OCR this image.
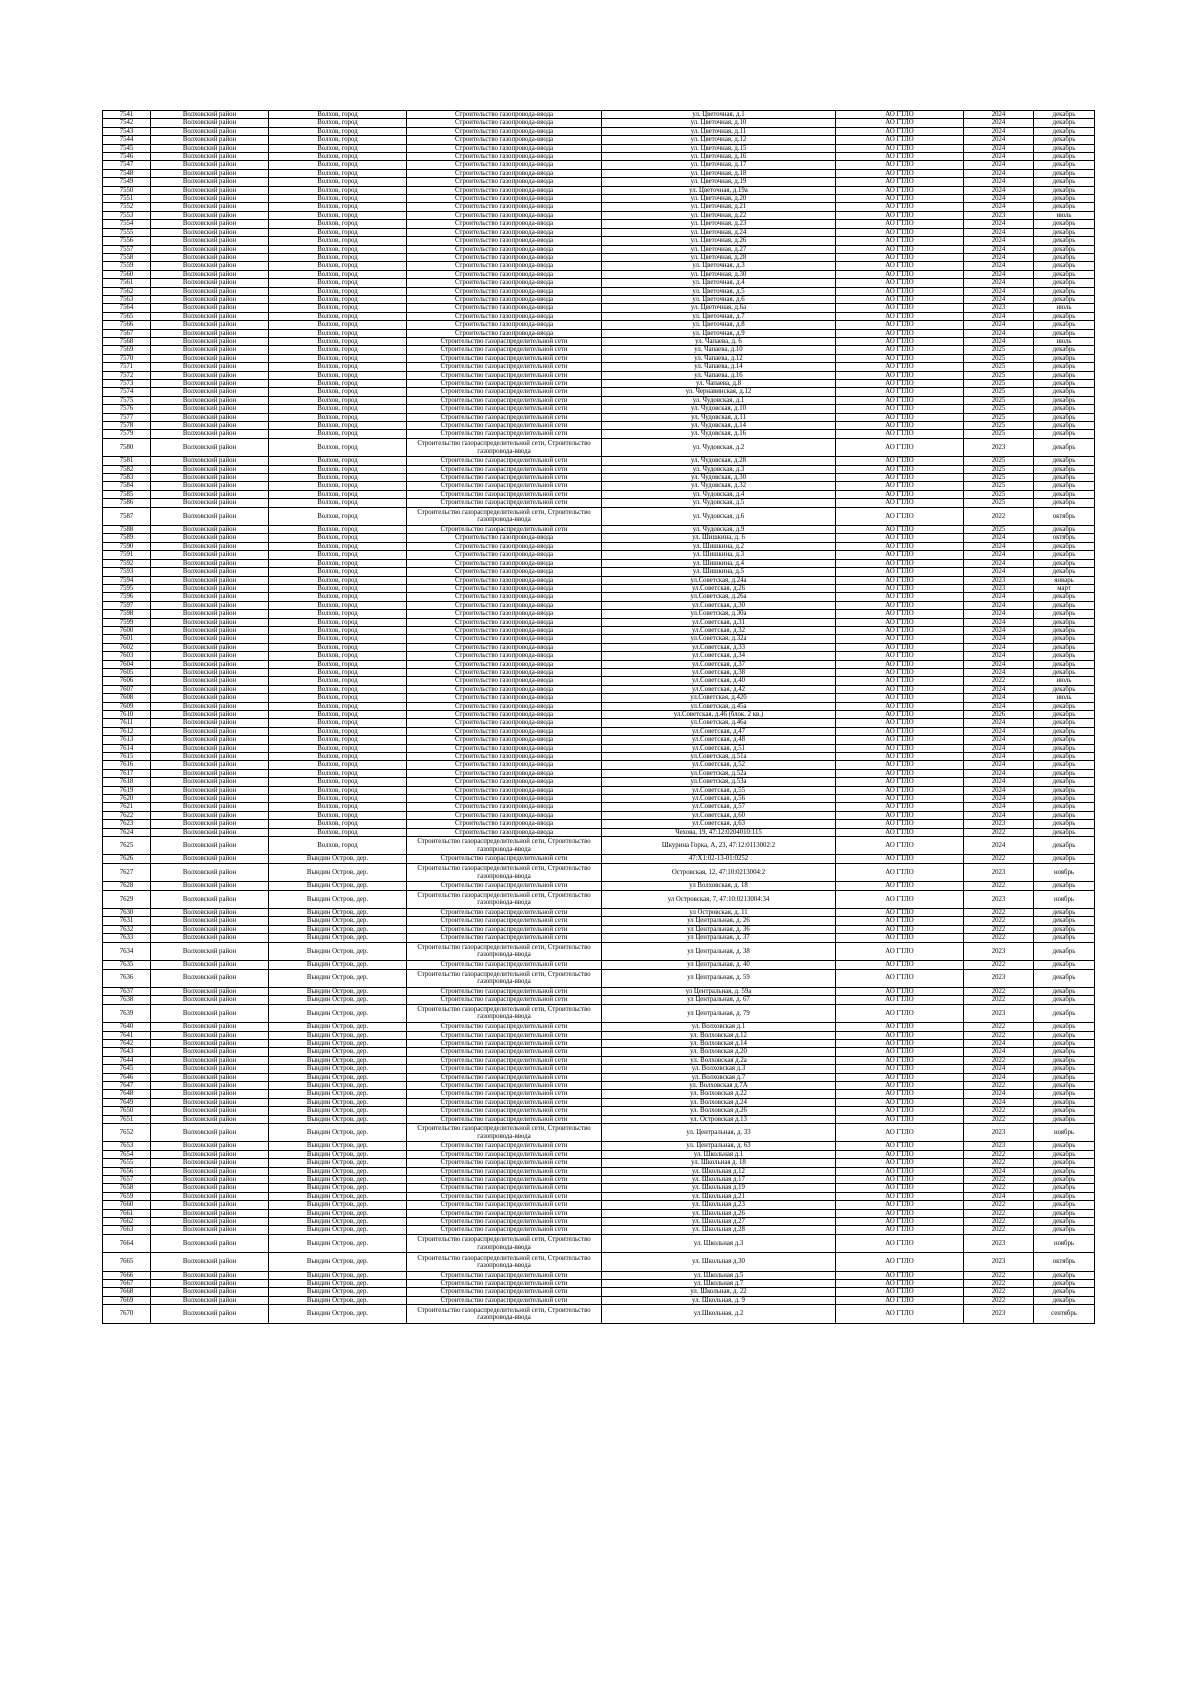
7541	Волховский район	Волхов, город	Строительство газопровода-ввода	ул. Цветочная, д.1	АО ГТЛО	2024	декабрь
7542	Волховский район	Волхов, город	Строительство газопровода-ввода	ул. Цветочная, д.10	АО ГТЛО	2024	декабрь
7543	Волховский район	Волхов, город	Строительство газопровода-ввода	ул. Цветочная, д.11	АО ГТЛО	2024	декабрь
7544	Волховский район	Волхов, город	Строительство газопровода-ввода	ул. Цветочная, д.12	АО ГТЛО	2024	декабрь
7545	Волховский район	Волхов, город	Строительство газопровода-ввода	ул. Цветочная, д.15	АО ГТЛО	2024	декабрь
7546	Волховский район	Волхов, город	Строительство газопровода-ввода	ул. Цветочная, д.16	АО ГТЛО	2024	декабрь
7547	Волховский район	Волхов, город	Строительство газопровода-ввода	ул. Цветочная, д.17	АО ГТЛО	2024	декабрь
7548	Волховский район	Волхов, город	Строительство газопровода-ввода	ул. Цветочная, д.18	АО ГТЛО	2024	декабрь
7549	Волховский район	Волхов, город	Строительство газопровода-ввода	ул. Цветочная, д.19	АО ГТЛО	2024	декабрь
7550	Волховский район	Волхов, город	Строительство газопровода-ввода	ул. Цветочная, д.19а	АО ГТЛО	2024	декабрь
7551	Волховский район	Волхов, город	Строительство газопровода-ввода	ул. Цветочная, д.20	АО ГТЛО	2024	декабрь
7552	Волховский район	Волхов, город	Строительство газопровода-ввода	ул. Цветочная, д.21	АО ГТЛО	2024	декабрь
7553	Волховский район	Волхов, город	Строительство газопровода-ввода	ул. Цветочная, д.22	АО ГТЛО	2023	июль
7554	Волховский район	Волхов, город	Строительство газопровода-ввода	ул. Цветочная, д.23	АО ГТЛО	2024	декабрь
7555	Волховский район	Волхов, город	Строительство газопровода-ввода	ул. Цветочная, д.24	АО ГТЛО	2024	декабрь
7556	Волховский район	Волхов, город	Строительство газопровода-ввода	ул. Цветочная, д.26	АО ГТЛО	2024	декабрь
7557	Волховский район	Волхов, город	Строительство газопровода-ввода	ул. Цветочная, д.27	АО ГТЛО	2024	декабрь
7558	Волховский район	Волхов, город	Строительство газопровода-ввода	ул. Цветочная, д.28	АО ГТЛО	2024	декабрь
7559	Волховский район	Волхов, город	Строительство газопровода-ввода	ул. Цветочная, д.3	АО ГТЛО	2024	декабрь
7560	Волховский район	Волхов, город	Строительство газопровода-ввода	ул. Цветочная, д.30	АО ГТЛО	2024	декабрь
7561	Волховский район	Волхов, город	Строительство газопровода-ввода	ул. Цветочная, д.4	АО ГТЛО	2024	декабрь
7562	Волховский район	Волхов, город	Строительство газопровода-ввода	ул. Цветочная, д.5	АО ГТЛО	2024	декабрь
7563	Волховский район	Волхов, город	Строительство газопровода-ввода	ул. Цветочная, д.6	АО ГТЛО	2024	декабрь
7564	Волховский район	Волхов, город	Строительство газопровода-ввода	ул. Цветочная, д.6а	АО ГТЛО	2023	июль
7565	Волховский район	Волхов, город	Строительство газопровода-ввода	ул. Цветочная, д.7	АО ГТЛО	2024	декабрь
7566	Волховский район	Волхов, город	Строительство газопровода-ввода	ул. Цветочная, д.8	АО ГТЛО	2024	декабрь
7567	Волховский район	Волхов, город	Строительство газопровода-ввода	ул. Цветочная, д.9	АО ГТЛО	2024	декабрь
7568	Волховский район	Волхов, город	Строительство газораспределительной сети	ул. Чапаева, д. 6	АО ГТЛО	2024	июль
7569	Волховский район	Волхов, город	Строительство газораспределительной сети	ул. Чапаева, д.10	АО ГТЛО	2025	декабрь
7570	Волховский район	Волхов, город	Строительство газораспределительной сети	ул. Чапаева, д.12	АО ГТЛО	2025	декабрь
7571	Волховский район	Волхов, город	Строительство газораспределительной сети	ул. Чапаева, д.14	АО ГТЛО	2025	декабрь
7572	Волховский район	Волхов, город	Строительство газораспределительной сети	ул. Чапаева, д.16	АО ГТЛО	2025	декабрь
7573	Волховский район	Волхов, город	Строительство газораспределительной сети	ул. Чапаева, д.8	АО ГТЛО	2025	декабрь
7574	Волховский район	Волхов, город	Строительство газораспределительной сети	ул. Чернавинская, д.12	АО ГТЛО	2025	декабрь
7575	Волховский район	Волхов, город	Строительство газораспределительной сети	ул. Чудовская, д.1	АО ГТЛО	2025	декабрь
7576	Волховский район	Волхов, город	Строительство газораспределительной сети	ул. Чудовская, д.10	АО ГТЛО	2025	декабрь
7577	Волховский район	Волхов, город	Строительство газораспределительной сети	ул. Чудовская, д.11	АО ГТЛО	2025	декабрь
7578	Волховский район	Волхов, город	Строительство газораспределительной сети	ул. Чудовская, д.14	АО ГТЛО	2025	декабрь
7579	Волховский район	Волхов, город	Строительство газораспределительной сети	ул. Чудовская, д.16	АО ГТЛО	2025	декабрь
7580	Волховский район	Волхов, город	Строительство газораспределительной сети, Строительство газопровода-ввода	ул. Чудовская, д.2	АО ГТЛО	2023	декабрь
7581	Волховский район	Волхов, город	Строительство газораспределительной сети	ул. Чудовская, д.28	АО ГТЛО	2025	декабрь
7582	Волховский район	Волхов, город	Строительство газораспределительной сети	ул. Чудовская, д.3	АО ГТЛО	2025	декабрь
7583	Волховский район	Волхов, город	Строительство газораспределительной сети	ул. Чудовская, д.30	АО ГТЛО	2025	декабрь
7584	Волховский район	Волхов, город	Строительство газораспределительной сети	ул. Чудовская, д.32	АО ГТЛО	2025	декабрь
7585	Волховский район	Волхов, город	Строительство газораспределительной сети	ул. Чудовская, д.4	АО ГТЛО	2025	декабрь
7586	Волховский район	Волхов, город	Строительство газораспределительной сети	ул. Чудовская, д.5	АО ГТЛО	2025	декабрь
7587	Волховский район	Волхов, город	Строительство газораспределительной сети, Строительство газопровода-ввода	ул. Чудовская, д.6	АО ГТЛО	2022	октябрь
7588	Волховский район	Волхов, город	Строительство газораспределительной сети	ул. Чудовская, д.9	АО ГТЛО	2025	декабрь
7589	Волховский район	Волхов, город	Строительство газопровода-ввода	ул. Шишкина, д. 6	АО ГТЛО	2024	октябрь
7590	Волховский район	Волхов, город	Строительство газопровода-ввода	ул. Шишкина, д.2	АО ГТЛО	2024	декабрь
7591	Волховский район	Волхов, город	Строительство газопровода-ввода	ул. Шишкина, д.3	АО ГТЛО	2024	декабрь
7592	Волховский район	Волхов, город	Строительство газопровода-ввода	ул. Шишкина, д.4	АО ГТЛО	2024	декабрь
7593	Волховский район	Волхов, город	Строительство газопровода-ввода	ул. Шишкина, д.5	АО ГТЛО	2024	декабрь
7594	Волховский район	Волхов, город	Строительство газопровода-ввода	ул.Советская, д.24а	АО ГТЛО	2023	январь
7595	Волховский район	Волхов, город	Строительство газопровода-ввода	ул.Советская, д.26	АО ГТЛО	2023	март
7596	Волховский район	Волхов, город	Строительство газопровода-ввода	ул.Советская, д.26а	АО ГТЛО	2024	декабрь
7597	Волховский район	Волхов, город	Строительство газопровода-ввода	ул.Советская, д.30	АО ГТЛО	2024	декабрь
7598	Волховский район	Волхов, город	Строительство газопровода-ввода	ул.Советская, д.30а	АО ГТЛО	2024	декабрь
7599	Волховский район	Волхов, город	Строительство газопровода-ввода	ул.Советская, д.31	АО ГТЛО	2024	декабрь
7600	Волховский район	Волхов, город	Строительство газопровода-ввода	ул.Советская, д.32	АО ГТЛО	2024	декабрь
7601	Волховский район	Волхов, город	Строительство газопровода-ввода	ул.Советская, д.32а	АО ГТЛО	2024	декабрь
7602	Волховский район	Волхов, город	Строительство газопровода-ввода	ул.Советская, д.33	АО ГТЛО	2024	декабрь
7603	Волховский район	Волхов, город	Строительство газопровода-ввода	ул.Советская, д.34	АО ГТЛО	2024	декабрь
7604	Волховский район	Волхов, город	Строительство газопровода-ввода	ул.Советская, д.37	АО ГТЛО	2024	декабрь
7605	Волховский район	Волхов, город	Строительство газопровода-ввода	ул.Советская, д.38	АО ГТЛО	2024	декабрь
7606	Волховский район	Волхов, город	Строительство газопровода-ввода	ул.Советская, д.40	АО ГТЛО	2022	июль
7607	Волховский район	Волхов, город	Строительство газопровода-ввода	ул.Советская, д.42	АО ГТЛО	2024	декабрь
7608	Волховский район	Волхов, город	Строительство газопровода-ввода	ул.Советская, д.42б	АО ГТЛО	2024	июль
7609	Волховский район	Волхов, город	Строительство газопровода-ввода	ул.Советская, д.45а	АО ГТЛО	2024	декабрь
7610	Волховский район	Волхов, город	Строительство газопровода-ввода	ул.Советская, д.46 (блок. 2 кв.)	АО ГТЛО	2026	декабрь
7611	Волховский район	Волхов, город	Строительство газопровода-ввода	ул.Советская, д.46а	АО ГТЛО	2024	декабрь
7612	Волховский район	Волхов, город	Строительство газопровода-ввода	ул.Советская, д.47	АО ГТЛО	2024	декабрь
7613	Волховский район	Волхов, город	Строительство газопровода-ввода	ул.Советская, д.48	АО ГТЛО	2024	декабрь
7614	Волховский район	Волхов, город	Строительство газопровода-ввода	ул.Советская, д.51	АО ГТЛО	2024	декабрь
7615	Волховский район	Волхов, город	Строительство газопровода-ввода	ул.Советская, д.51а	АО ГТЛО	2024	декабрь
7616	Волховский район	Волхов, город	Строительство газопровода-ввода	ул.Советская, д.52	АО ГТЛО	2024	декабрь
7617	Волховский район	Волхов, город	Строительство газопровода-ввода	ул.Советская, д.52а	АО ГТЛО	2024	декабрь
7618	Волховский район	Волхов, город	Строительство газопровода-ввода	ул.Советская, д.53а	АО ГТЛО	2024	декабрь
7619	Волховский район	Волхов, город	Строительство газопровода-ввода	ул.Советская, д.55	АО ГТЛО	2024	декабрь
7620	Волховский район	Волхов, город	Строительство газопровода-ввода	ул.Советская, д.56	АО ГТЛО	2024	декабрь
7621	Волховский район	Волхов, город	Строительство газопровода-ввода	ул.Советская, д.57	АО ГТЛО	2024	декабрь
7622	Волховский район	Волхов, город	Строительство газопровода-ввода	ул.Советская, д.60	АО ГТЛО	2024	декабрь
7623	Волховский район	Волхов, город	Строительство газопровода-ввода	ул.Советская, д.63	АО ГТЛО	2023	декабрь
7624	Волховский район	Волхов, город	Строительство газопровода-ввода	Чехова, 19, 47:12:0204010:115	АО ГТЛО	2022	декабрь
7625	Волховский район	Волхов, город	Строительство газораспределительной сети, Строительство газопровода-ввода	Шкурина Горка, А, 23, 47:12:0113002:2	АО ГТЛО	2024	декабрь
7626	Волховский район	Вындин Остров, дер.	Строительство газораспределительной сети	47:Х1:02-13-01:0252	АО ГТЛО	2022	декабрь
7627	Волховский район	Вындин Остров, дер.	Строительство газораспределительной сети, Строительство газопровода-ввода	Островская, 12, 47:10:0213004:2	АО ГТЛО	2023	ноябрь
7628	Волховский район	Вындин Остров, дер.	Строительство газораспределительной сети	ул Волховская, д. 18	АО ГТЛО	2022	декабрь
7629	Волховский район	Вындин Остров, дер.	Строительство газораспределительной сети, Строительство газопровода-ввода	ул Островская, 7, 47:10:0213004:34	АО ГТЛО	2023	ноябрь
7630	Волховский район	Вындин Остров, дер.	Строительство газораспределительной сети	ул Островская, д. 11	АО ГТЛО	2022	декабрь
7631	Волховский район	Вындин Остров, дер.	Строительство газораспределительной сети	ул Центральная, д. 26	АО ГТЛО	2022	декабрь
7632	Волховский район	Вындин Остров, дер.	Строительство газораспределительной сети	ул Центральная, д. 36	АО ГТЛО	2022	декабрь
7633	Волховский район	Вындин Остров, дер.	Строительство газораспределительной сети	ул Центральная, д. 37	АО ГТЛО	2022	декабрь
7634	Волховский район	Вындин Остров, дер.	Строительство газораспределительной сети, Строительство газопровода-ввода	ул Центральная, д. 38	АО ГТЛО	2023	декабрь
7635	Волховский район	Вындин Остров, дер.	Строительство газораспределительной сети	ул Центральная, д. 40	АО ГТЛО	2022	декабрь
7636	Волховский район	Вындин Остров, дер.	Строительство газораспределительной сети, Строительство газопровода-ввода	ул Центральная, д. 59	АО ГТЛО	2023	декабрь
7637	Волховский район	Вындин Остров, дер.	Строительство газораспределительной сети	ул Центральная, д. 59а	АО ГТЛО	2022	декабрь
7638	Волховский район	Вындин Остров, дер.	Строительство газораспределительной сети	ул Центральная, д. 67	АО ГТЛО	2022	декабрь
7639	Волховский район	Вындин Остров, дер.	Строительство газораспределительной сети, Строительство газопровода-ввода	ул Центральная, д. 79	АО ГТЛО	2023	декабрь
7640	Волховский район	Вындин Остров, дер.	Строительство газораспределительной сети	ул. Волховская д.1	АО ГТЛО	2022	декабрь
7641	Волховский район	Вындин Остров, дер.	Строительство газораспределительной сети	ул. Волховская д.12	АО ГТЛО	2022	декабрь
7642	Волховский район	Вындин Остров, дер.	Строительство газораспределительной сети	ул. Волховская д.14	АО ГТЛО	2024	декабрь
7643	Волховский район	Вындин Остров, дер.	Строительство газораспределительной сети	ул. Волховская д.20	АО ГТЛО	2024	декабрь
7644	Волховский район	Вындин Остров, дер.	Строительство газораспределительной сети	ул. Волховская д.2а	АО ГТЛО	2022	декабрь
7645	Волховский район	Вындин Остров, дер.	Строительство газораспределительной сети	ул. Волховская д.3	АО ГТЛО	2024	декабрь
7646	Волховский район	Вындин Остров, дер.	Строительство газораспределительной сети	ул. Волховская д.7	АО ГТЛО	2024	декабрь
7647	Волховский район	Вындин Остров, дер.	Строительство газораспределительной сети	ул. Волховская д.7А	АО ГТЛО	2022	декабрь
7648	Волховский район	Вындин Остров, дер.	Строительство газораспределительной сети	ул. Волховская д.22	АО ГТЛО	2024	декабрь
7649	Волховский район	Вындин Остров, дер.	Строительство газораспределительной сети	ул. Волховская д.24	АО ГТЛО	2024	декабрь
7650	Волховский район	Вындин Остров, дер.	Строительство газораспределительной сети	ул. Волховская д.26	АО ГТЛО	2022	декабрь
7651	Волховский район	Вындин Остров, дер.	Строительство газораспределительной сети	ул. Островская д.13	АО ГТЛО	2022	декабрь
7652	Волховский район	Вындин Остров, дер.	Строительство газораспределительной сети, Строительство газопровода-ввода	ул. Центральная, д. 33	АО ГТЛО	2023	ноябрь
7653	Волховский район	Вындин Остров, дер.	Строительство газораспределительной сети	ул. Центральная, д. 63	АО ГТЛО	2023	декабрь
7654	Волховский район	Вындин Остров, дер.	Строительство газораспределительной сети	ул. Школьная д.1	АО ГТЛО	2022	декабрь
7655	Волховский район	Вындин Остров, дер.	Строительство газораспределительной сети	ул. Школьная д. 18	АО ГТЛО	2022	декабрь
7656	Волховский район	Вындин Остров, дер.	Строительство газораспределительной сети	ул. Школьная д.12	АО ГТЛО	2024	декабрь
7657	Волховский район	Вындин Остров, дер.	Строительство газораспределительной сети	ул. Школьная д.17	АО ГТЛО	2022	декабрь
7658	Волховский район	Вындин Остров, дер.	Строительство газораспределительной сети	ул. Школьная д.19	АО ГТЛО	2022	декабрь
7659	Волховский район	Вындин Остров, дер.	Строительство газораспределительной сети	ул. Школьная д.21	АО ГТЛО	2024	декабрь
7660	Волховский район	Вындин Остров, дер.	Строительство газораспределительной сети	ул. Школьная д.23	АО ГТЛО	2022	декабрь
7661	Волховский район	Вындин Остров, дер.	Строительство газораспределительной сети	ул. Школьная д.26	АО ГТЛО	2022	декабрь
7662	Волховский район	Вындин Остров, дер.	Строительство газораспределительной сети	ул. Школьная д.27	АО ГТЛО	2022	декабрь
7663	Волховский район	Вындин Остров, дер.	Строительство газораспределительной сети	ул. Школьная д.28	АО ГТЛО	2022	декабрь
7664	Волховский район	Вындин Остров, дер.	Строительство газораспределительной сети, Строительство газопровода-ввода	ул. Школьная д.3	АО ГТЛО	2023	ноябрь
7665	Волховский район	Вындин Остров, дер.	Строительство газораспределительной сети, Строительство газопровода-ввода	ул. Школьная д.30	АО ГТЛО	2023	октябрь
7666	Волховский район	Вындин Остров, дер.	Строительство газораспределительной сети	ул. Школьная д.5	АО ГТЛО	2022	декабрь
7667	Волховский район	Вындин Остров, дер.	Строительство газораспределительной сети	ул. Школьная д.7	АО ГТЛО	2022	декабрь
7668	Волховский район	Вындин Остров, дер.	Строительство газораспределительной сети	ул. Школьная, д. 22	АО ГТЛО	2022	декабрь
7669	Волховский район	Вындин Остров, дер.	Строительство газораспределительной сети	ул. Школьная, д. 9	АО ГТЛО	2022	декабрь
7670	Волховский район	Вындин Остров, дер.	Строительство газораспределительной сети, Строительство газопровода-ввода	ул.Школьная, д.2	АО ГТЛО	2023	сентябрь
